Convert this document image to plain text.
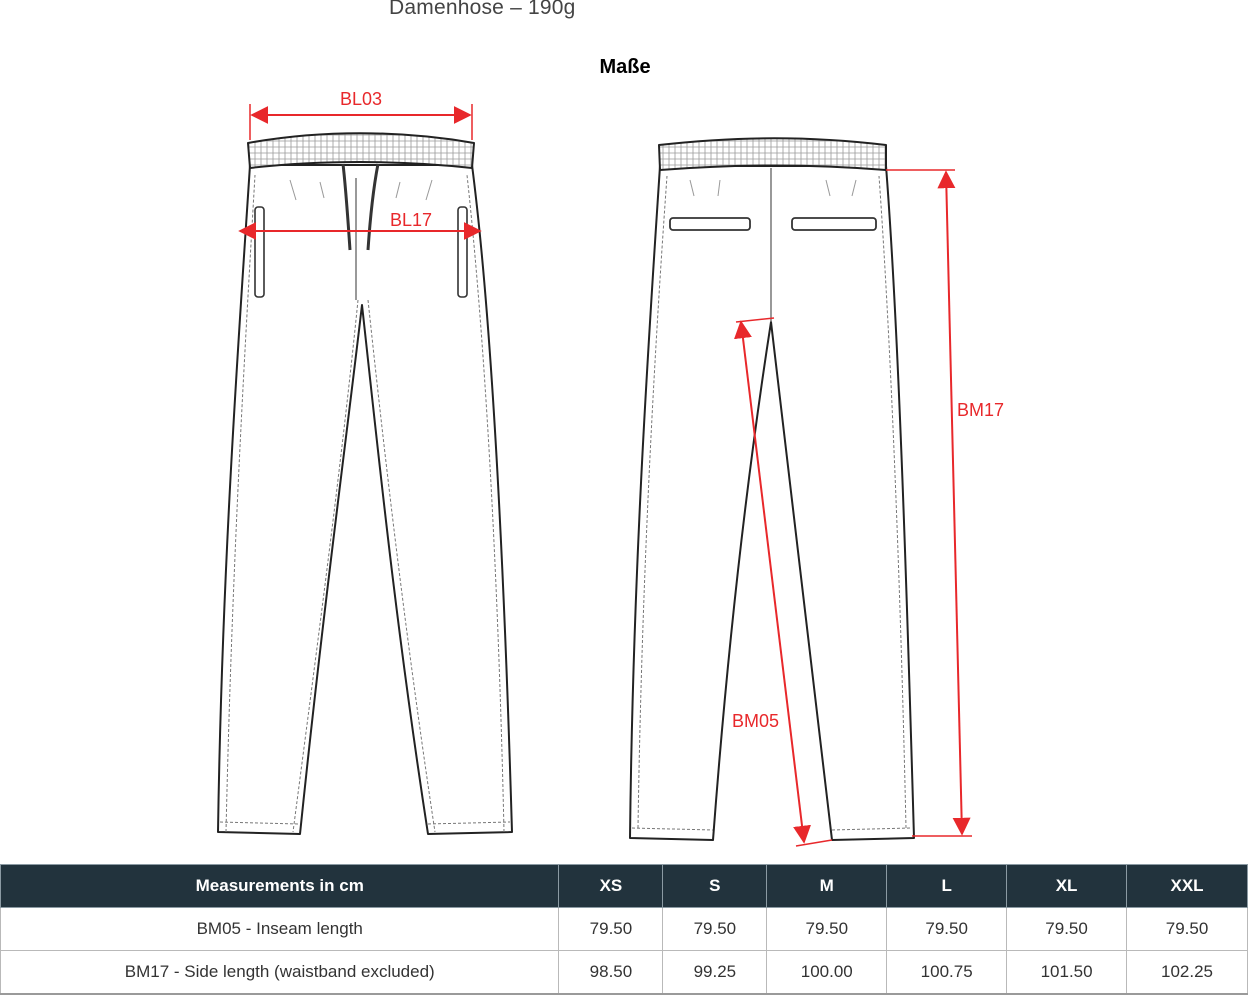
Damenhose – 190g
Maße
BL03
BL17
BM17
BM05
Measurements in cm	XS	S	M	L	XL	XXL
BM05 - Inseam length	79.50	79.50	79.50	79.50	79.50	79.50
BM17 - Side length (waistband excluded)	98.50	99.25	100.00	100.75	101.50	102.25
